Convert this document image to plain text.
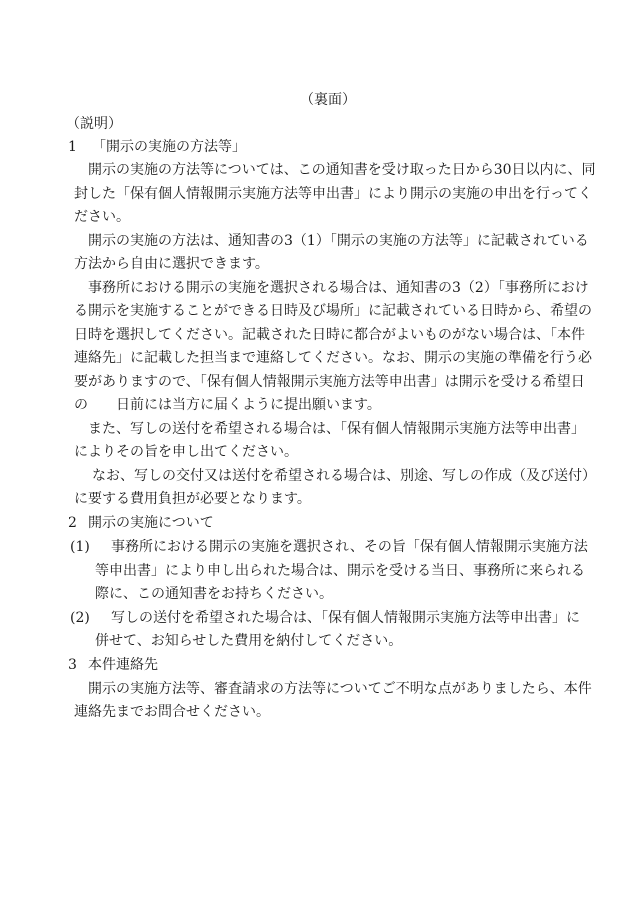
（裏面）
（説明）
1 「開示の実施の方法等」
開示の実施の方法等については、この通知書を受け取った日から30日以内に、同
封した「保有個人情報開示実施方法等申出書」により開示の実施の申出を行ってく
ださい。
開示の実施の方法は、通知書の3（1）「開示の実施の方法等」に記載されている
方法から自由に選択できます。
事務所における開示の実施を選択される場合は、通知書の3（2）「事務所におけ
る開示を実施することができる日時及び場所」に記載されている日時から、希望の
日時を選択してください。記載された日時に都合がよいものがない場合は、「本件
連絡先」に記載した担当まで連絡してください。なお、開示の実施の準備を行う必
要がありますので、「保有個人情報開示実施方法等申出書」は開示を受ける希望日
の　　日前には当方に届くように提出願います。
また、写しの送付を希望される場合は、「保有個人情報開示実施方法等申出書」
によりその旨を申し出てください。
なお、写しの交付又は送付を希望される場合は、別途、写しの作成（及び送付）
に要する費用負担が必要となります。
2 開示の実施について
(1) 事務所における開示の実施を選択され、その旨「保有個人情報開示実施方法
等申出書」により申し出られた場合は、開示を受ける当日、事務所に来られる
際に、この通知書をお持ちください。
(2) 写しの送付を希望された場合は、「保有個人情報開示実施方法等申出書」に
併せて、お知らせした費用を納付してください。
3 本件連絡先
開示の実施方法等、審査請求の方法等についてご不明な点がありましたら、本件
連絡先までお問合せください。
